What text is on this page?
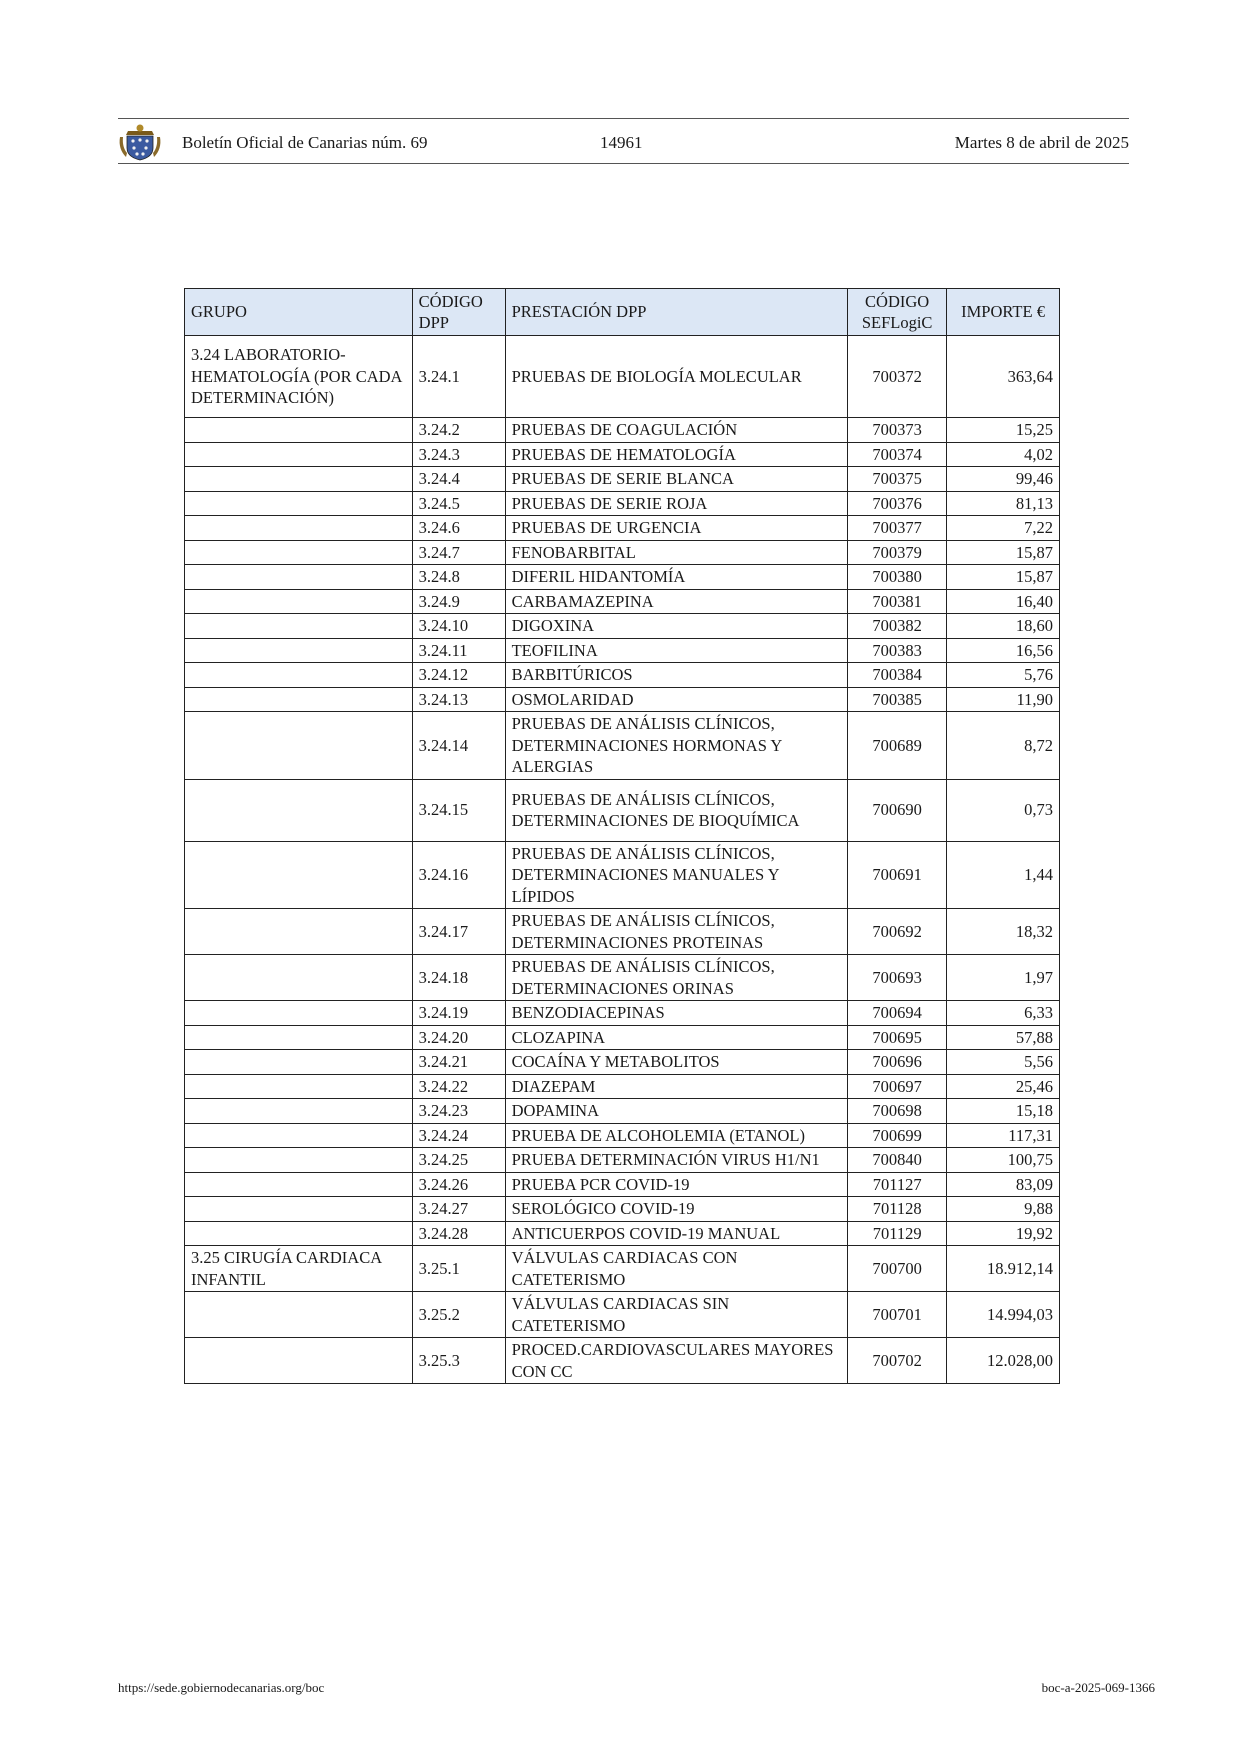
Boletín Oficial de Canarias núm. 69	14961	Martes 8 de abril de 2025
GRUPO	CÓDIGO DPP	PRESTACIÓN DPP	CÓDIGO SEFLogiC	IMPORTE €
3.24 LABORATORIO-HEMATOLOGÍA (POR CADA DETERMINACIÓN)	3.24.1	PRUEBAS DE BIOLOGÍA MOLECULAR	700372	363,64
	3.24.2	PRUEBAS DE COAGULACIÓN	700373	15,25
	3.24.3	PRUEBAS DE HEMATOLOGÍA	700374	4,02
	3.24.4	PRUEBAS DE SERIE BLANCA	700375	99,46
	3.24.5	PRUEBAS DE SERIE ROJA	700376	81,13
	3.24.6	PRUEBAS DE URGENCIA	700377	7,22
	3.24.7	FENOBARBITAL	700379	15,87
	3.24.8	DIFERIL HIDANTOMÍA	700380	15,87
	3.24.9	CARBAMAZEPINA	700381	16,40
	3.24.10	DIGOXINA	700382	18,60
	3.24.11	TEOFILINA	700383	16,56
	3.24.12	BARBITÚRICOS	700384	5,76
	3.24.13	OSMOLARIDAD	700385	11,90
	3.24.14	PRUEBAS DE ANÁLISIS CLÍNICOS, DETERMINACIONES HORMONAS Y ALERGIAS	700689	8,72
	3.24.15	PRUEBAS DE ANÁLISIS CLÍNICOS, DETERMINACIONES DE BIOQUÍMICA	700690	0,73
	3.24.16	PRUEBAS DE ANÁLISIS CLÍNICOS, DETERMINACIONES MANUALES Y LÍPIDOS	700691	1,44
	3.24.17	PRUEBAS DE ANÁLISIS CLÍNICOS, DETERMINACIONES PROTEINAS	700692	18,32
	3.24.18	PRUEBAS DE ANÁLISIS CLÍNICOS, DETERMINACIONES ORINAS	700693	1,97
	3.24.19	BENZODIACEPINAS	700694	6,33
	3.24.20	CLOZAPINA	700695	57,88
	3.24.21	COCAÍNA Y METABOLITOS	700696	5,56
	3.24.22	DIAZEPAM	700697	25,46
	3.24.23	DOPAMINA	700698	15,18
	3.24.24	PRUEBA DE ALCOHOLEMIA (ETANOL)	700699	117,31
	3.24.25	PRUEBA DETERMINACIÓN VIRUS H1/N1	700840	100,75
	3.24.26	PRUEBA PCR COVID-19	701127	83,09
	3.24.27	SEROLÓGICO COVID-19	701128	9,88
	3.24.28	ANTICUERPOS COVID-19 MANUAL	701129	19,92
3.25 CIRUGÍA CARDIACA INFANTIL	3.25.1	VÁLVULAS CARDIACAS CON CATETERISMO	700700	18.912,14
	3.25.2	VÁLVULAS CARDIACAS SIN CATETERISMO	700701	14.994,03
	3.25.3	PROCED.CARDIOVASCULARES MAYORES CON CC	700702	12.028,00
https://sede.gobiernodecanarias.org/boc	boc-a-2025-069-1366
